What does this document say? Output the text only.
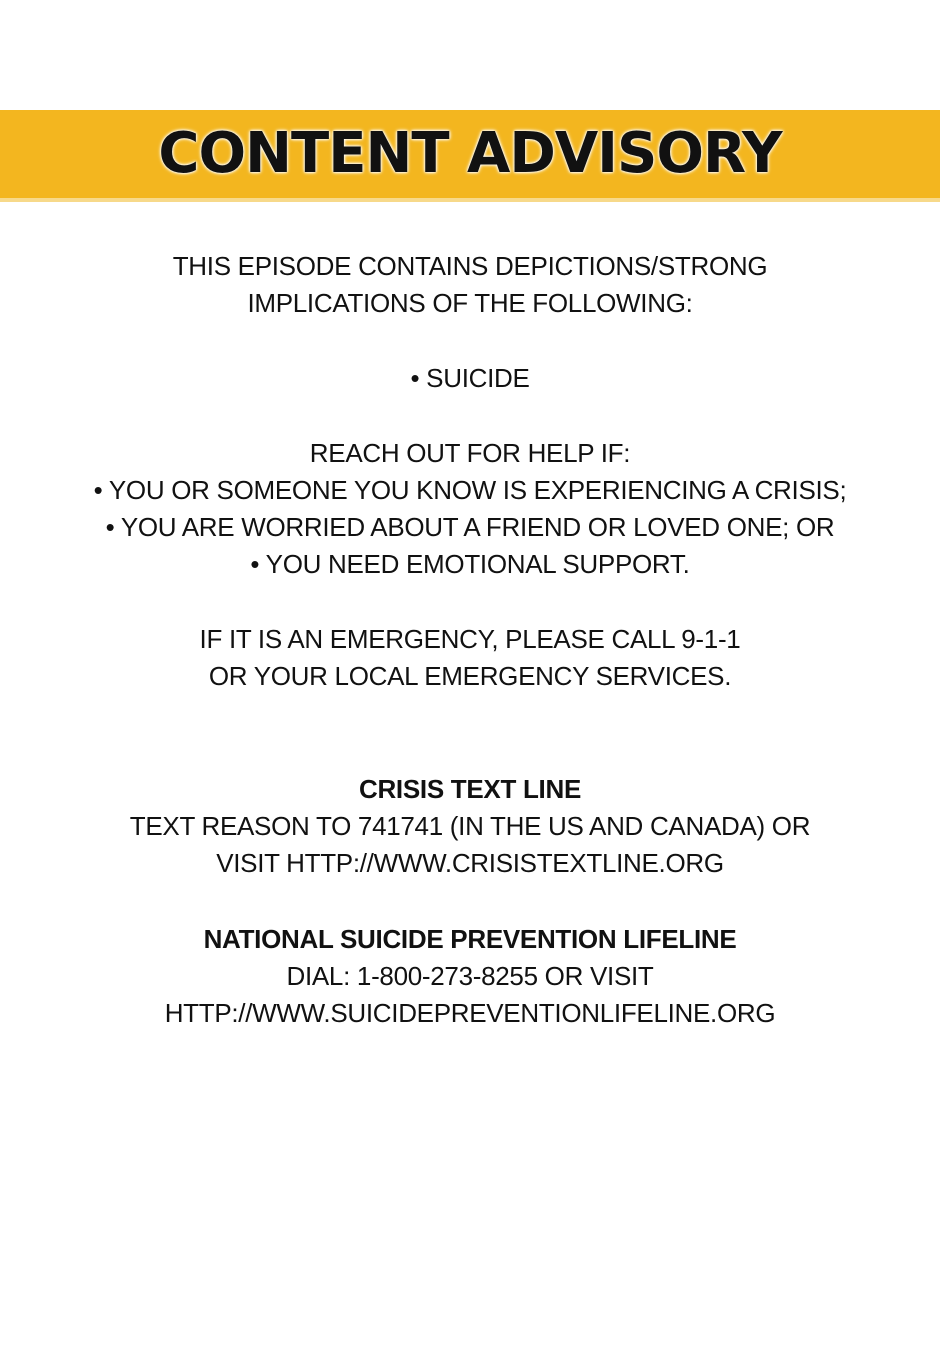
CONTENT ADVISORY
THIS EPISODE CONTAINS DEPICTIONS/STRONG
IMPLICATIONS OF THE FOLLOWING:
• SUICIDE
REACH OUT FOR HELP IF:
• YOU OR SOMEONE YOU KNOW IS EXPERIENCING A CRISIS;
• YOU ARE WORRIED ABOUT A FRIEND OR LOVED ONE; OR
• YOU NEED EMOTIONAL SUPPORT.
IF IT IS AN EMERGENCY, PLEASE CALL 9-1-1
OR YOUR LOCAL EMERGENCY SERVICES.
CRISIS TEXT LINE
TEXT REASON TO 741741 (IN THE US AND CANADA) OR
VISIT HTTP://WWW.CRISISTEXTLINE.ORG
NATIONAL SUICIDE PREVENTION LIFELINE
DIAL: 1-800-273-8255 OR VISIT
HTTP://WWW.SUICIDEPREVENTIONLIFELINE.ORG
